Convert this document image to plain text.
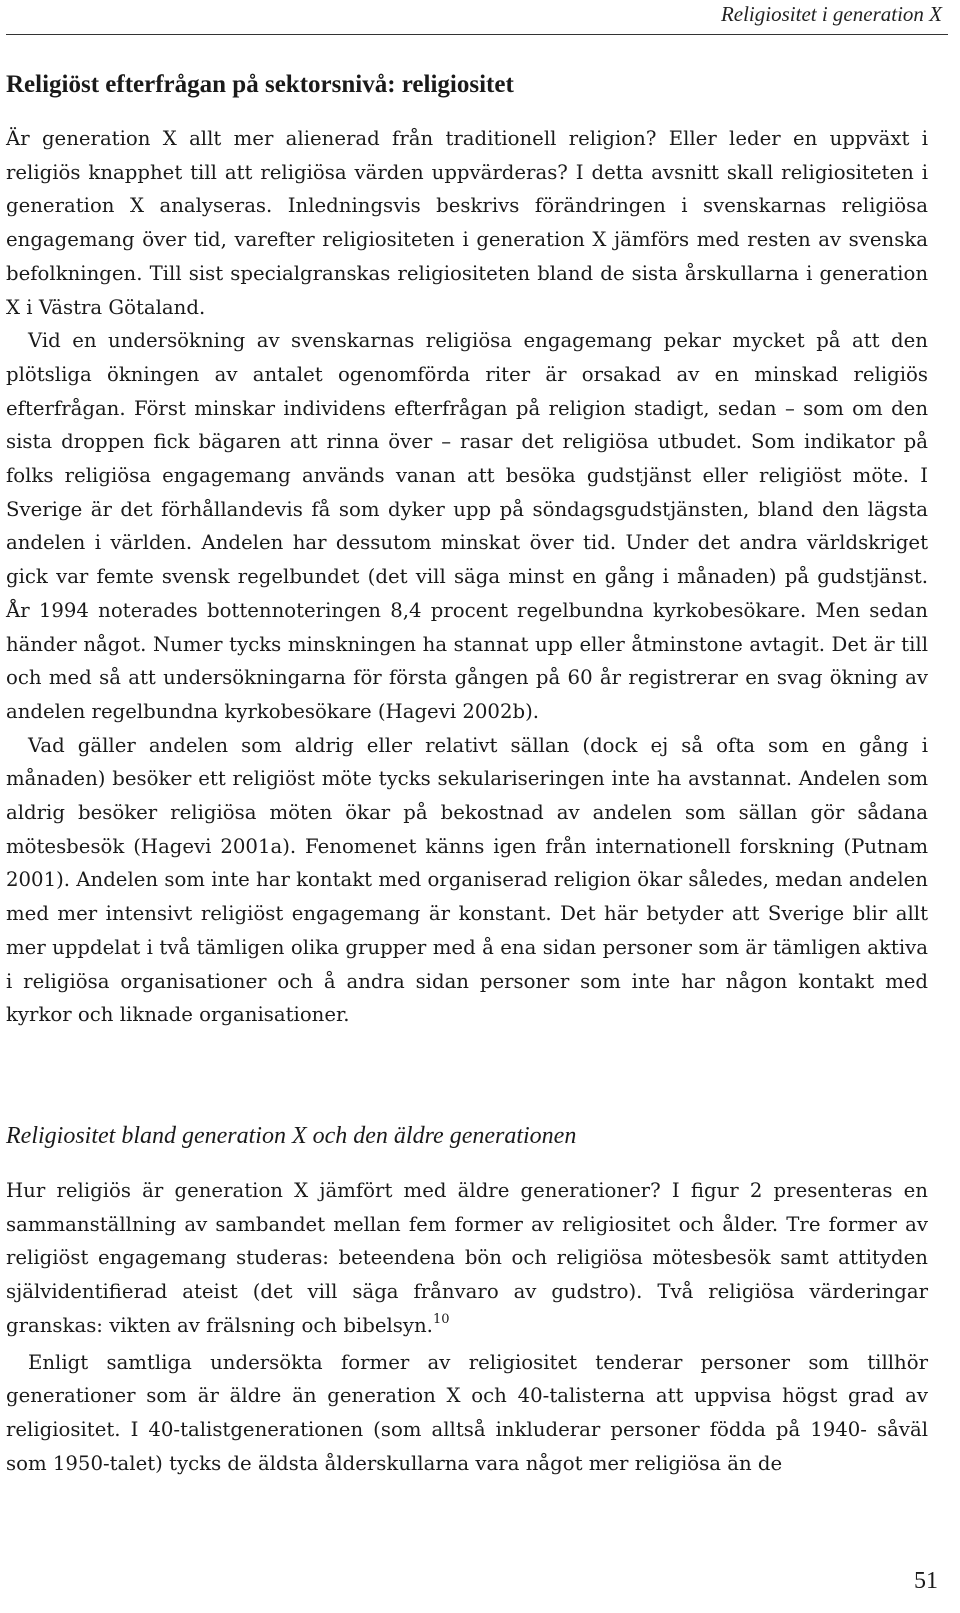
Religiositet i generation X
Religiöst efterfrågan på sektorsnivå: religiositet

Är generation X allt mer alienerad från traditionell religion? Eller leder en uppväxt i religiös knapphet till att religiösa värden uppvärderas? I detta avsnitt skall religiositeten i generation X analyseras. Inledningsvis beskrivs förändringen i svenskarnas religiösa engagemang över tid, varefter religiositeten i generation X jämförs med resten av svenska befolkningen. Till sist specialgranskas religiositeten bland de sista årskullarna i generation X i Västra Götaland.

Vid en undersökning av svenskarnas religiösa engagemang pekar mycket på att den plötsliga ökningen av antalet ogenomförda riter är orsakad av en minskad religiös efterfrågan. Först minskar individens efterfrågan på religion stadigt, sedan – som om den sista droppen fick bägaren att rinna över – rasar det religiösa utbudet. Som indikator på folks religiösa engagemang används vanan att besöka gudstjänst eller religiöst möte. I Sverige är det förhållandevis få som dyker upp på söndagsgudstjänsten, bland den lägsta andelen i världen. Andelen har dessutom minskat över tid. Under det andra världskriget gick var femte svensk regelbundet (det vill säga minst en gång i månaden) på gudstjänst. År 1994 noterades bottennoteringen 8,4 procent regelbundna kyrkobesökare. Men sedan händer något. Numer tycks minskningen ha stannat upp eller åtminstone avtagit. Det är till och med så att undersökningarna för första gången på 60 år registrerar en svag ökning av andelen regelbundna kyrkobesökare (Hagevi 2002b).

Vad gäller andelen som aldrig eller relativt sällan (dock ej så ofta som en gång i månaden) besöker ett religiöst möte tycks sekulariseringen inte ha avstannat. Andelen som aldrig besöker religiösa möten ökar på bekostnad av andelen som sällan gör sådana mötesbesök (Hagevi 2001a). Fenomenet känns igen från internationell forskning (Putnam 2001). Andelen som inte har kontakt med organiserad religion ökar således, medan andelen med mer intensivt religiöst engagemang är konstant. Det här betyder att Sverige blir allt mer uppdelat i två tämligen olika grupper med å ena sidan personer som är tämligen aktiva i religiösa organisationer och å andra sidan personer som inte har någon kontakt med kyrkor och liknade organisationer.

Religiositet bland generation X och den äldre generationen

Hur religiös är generation X jämfört med äldre generationer? I figur 2 presenteras en sammanställning av sambandet mellan fem former av religiositet och ålder. Tre former av religiöst engagemang studeras: beteendena bön och religiösa mötesbesök samt attityden självidentifierad ateist (det vill säga frånvaro av gudstro). Två religiösa värderingar granskas: vikten av frälsning och bibelsyn.$^{10}$

Enligt samtliga undersökta former av religiositet tenderar personer som tillhör generationer som är äldre än generation X och 40-talisterna att uppvisa högst grad av religiositet. I 40-talistgenerationen (som alltså inkluderar personer födda på 1940- såväl som 1950-talet) tycks de äldsta ålderskullarna vara något mer religiösa än de

51
